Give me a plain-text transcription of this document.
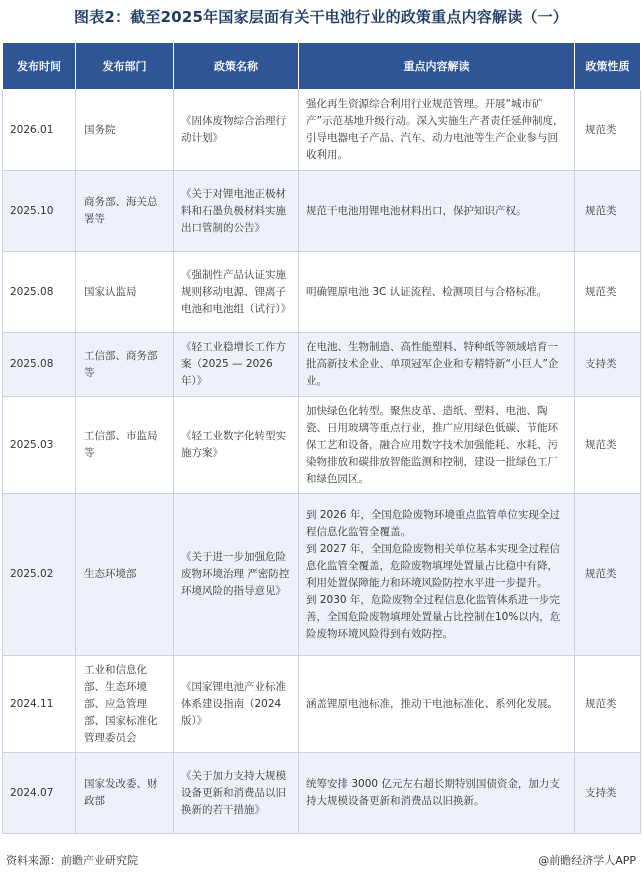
图表2：截至2025年国家层面有关干电池行业的政策重点内容解读（一）
发布时间	发布部门	政策名称	重点内容解读	政策性质
2026.01	国务院	《固体废物综合治理行动计划》	强化再生资源综合利用行业规范管理。开展“城市矿产”示范基地升级行动。深入实施生产者责任延伸制度，引导电器电子产品、汽车、动力电池等生产企业参与回收利用。	规范类
2025.10	商务部、海关总署等	《关于对锂电池正极材料和石墨负极材料实施出口管制的公告》	规范干电池用锂电池材料出口，保护知识产权。	规范类
2025.08	国家认监局	《强制性产品认证实施规则移动电源、锂离子电池和电池组（试行）》	明确锂原电池 3C 认证流程、检测项目与合格标准。	规范类
2025.08	工信部、商务部等	《轻工业稳增长工作方案（2025 — 2026年）》	在电池、生物制造、高性能塑料、特种纸等领域培育一批高新技术企业、单项冠军企业和专精特新“小巨人”企业。	支持类
2025.03	工信部、市监局等	《轻工业数字化转型实施方案》	加快绿色化转型。聚焦皮革、造纸、塑料、电池、陶瓷、日用玻璃等重点行业，推广应用绿色低碳、节能环保工艺和设备，融合应用数字技术加强能耗、水耗、污染物排放和碳排放智能监测和控制，建设一批绿色工厂和绿色园区。	规范类
2025.02	生态环境部	《关于进一步加强危险废物环境治理 严密防控环境风险的指导意见》	到 2026 年，全国危险废物环境重点监管单位实现全过程信息化监管全覆盖。
到 2027 年，全国危险废物相关单位基本实现全过程信息化监管全覆盖，危险废物填埋处置量占比稳中有降，利用处置保障能力和环境风险防控水平进一步提升。
到 2030 年，危险废物全过程信息化监管体系进一步完善，全国危险废物填埋处置量占比控制在10%以内，危险废物环境风险得到有效防控。	规范类
2024.11	工业和信息化部、生态环境部、应急管理部、国家标准化管理委员会	《国家锂电池产业标准体系建设指南（2024版）》	涵盖锂原电池标准，推动干电池标准化、系列化发展。	规范类
2024.07	国家发改委、财政部	《关于加力支持大规模设备更新和消费品以旧换新的若干措施》	统筹安排 3000 亿元左右超长期特别国债资金，加力支持大规模设备更新和消费品以旧换新。	支持类
资料来源：前瞻产业研究院	@前瞻经济学人APP
